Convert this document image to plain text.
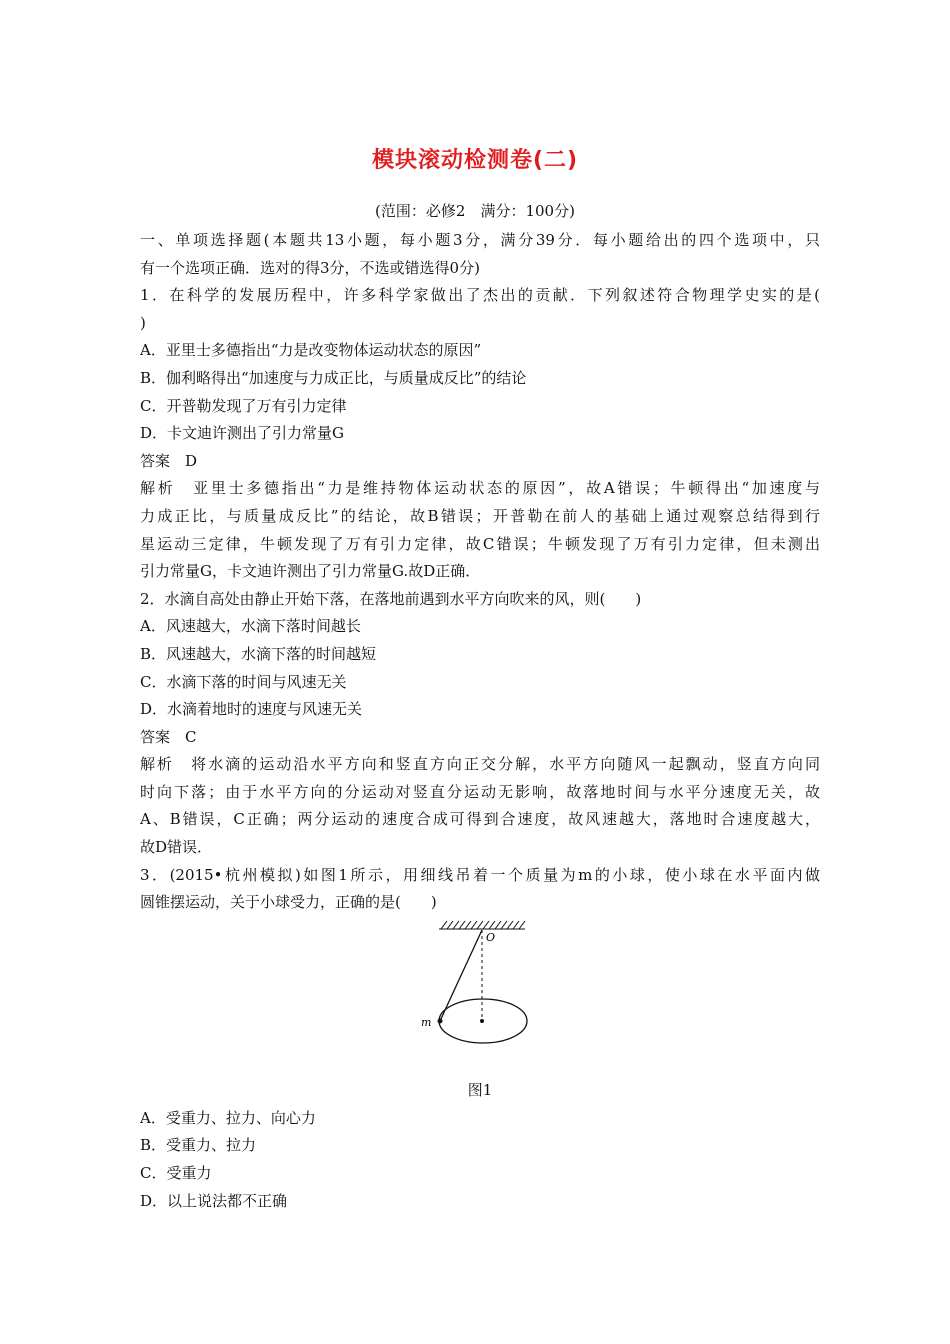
模块滚动检测卷(二)
(范围：必修2　满分：100分)
一、单项选择题(本题共13小题，每小题3分，满分39分．每小题给出的四个选项中，只
有一个选项正确．选对的得3分，不选或错选得0分)
1．在科学的发展历程中，许多科学家做出了杰出的贡献．下列叙述符合物理学史实的是(
)
A．亚里士多德指出“力是改变物体运动状态的原因”
B．伽利略得出“加速度与力成正比，与质量成反比”的结论
C．开普勒发现了万有引力定律
D．卡文迪许测出了引力常量G
答案　D
解析　亚里士多德指出“力是维持物体运动状态的原因”，故A错误；牛顿得出“加速度与
力成正比，与质量成反比”的结论，故B错误；开普勒在前人的基础上通过观察总结得到行
星运动三定律，牛顿发现了万有引力定律，故C错误；牛顿发现了万有引力定律，但未测出
引力常量G，卡文迪许测出了引力常量G.故D正确．
2．水滴自高处由静止开始下落，在落地前遇到水平方向吹来的风，则(　　)
A．风速越大，水滴下落时间越长
B．风速越大，水滴下落的时间越短
C．水滴下落的时间与风速无关
D．水滴着地时的速度与风速无关
答案　C
解析　将水滴的运动沿水平方向和竖直方向正交分解，水平方向随风一起飘动，竖直方向同
时向下落；由于水平方向的分运动对竖直分运动无影响，故落地时间与水平分速度无关，故
A、B错误，C正确；两分运动的速度合成可得到合速度，故风速越大，落地时合速度越大，
故D错误．
3．(2015•杭州模拟)如图1所示，用细线吊着一个质量为m的小球，使小球在水平面内做
圆锥摆运动，关于小球受力，正确的是(　　)
O
m
图1
A．受重力、拉力、向心力
B．受重力、拉力
C．受重力
D．以上说法都不正确
